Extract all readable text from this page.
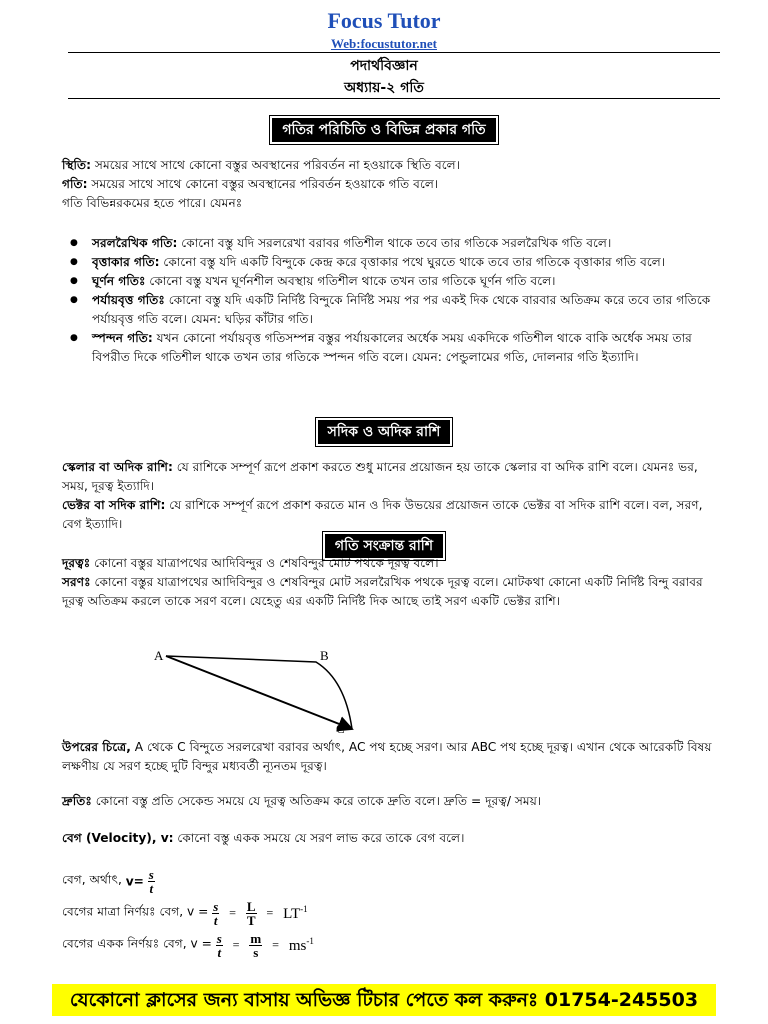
Focus Tutor
Web:focustutor.net
পদার্থবিজ্ঞান
অধ্যায়-২ গতি
গতির পরিচিতি ও বিভিন্ন প্রকার গতি
স্থিতি: সময়ের সাথে সাথে কোনো বস্তুর অবস্থানের পরিবর্তন না হওয়াকে স্থিতি বলে।
গতি: সময়ের সাথে সাথে কোনো বস্তুর অবস্থানের পরিবর্তন হওয়াকে গতি বলে।
গতি বিভিন্নরকমের হতে পারে। যেমনঃ
● সরলরৈখিক গতি: কোনো বস্তু যদি সরলরেখা বরাবর গতিশীল থাকে তবে তার গতিকে সরলরৈখিক গতি বলে।
● বৃত্তাকার গতি: কোনো বস্তু যদি একটি বিন্দুকে কেন্দ্র করে বৃত্তাকার পথে ঘুরতে থাকে তবে তার গতিকে বৃত্তাকার গতি বলে।
● ঘূর্ণন গতিঃ কোনো বস্তু যখন ঘূর্ণনশীল অবস্থায় গতিশীল থাকে তখন তার গতিকে ঘূর্ণন গতি বলে।
● পর্যায়বৃত্ত গতিঃ কোনো বস্তু যদি একটি নির্দিষ্ট বিন্দুকে নির্দিষ্ট সময় পর পর একই দিক থেকে বারবার অতিক্রম করে তবে তার গতিকে পর্যায়বৃত্ত গতি বলে। যেমন: ঘড়ির কাঁটার গতি।
● স্পন্দন গতি: যখন কোনো পর্যায়বৃত্ত গতিসম্পন্ন বস্তুর পর্যায়কালের অর্ধেক সময় একদিকে গতিশীল থাকে বাকি অর্ধেক সময় তার বিপরীত দিকে গতিশীল থাকে তখন তার গতিকে স্পন্দন গতি বলে। যেমন: পেন্ডুলামের গতি, দোলনার গতি ইত্যাদি।
সদিক ও অদিক রাশি
স্কেলার বা অদিক রাশি: যে রাশিকে সম্পূর্ণ রূপে প্রকাশ করতে শুধু মানের প্রয়োজন হয় তাকে স্কেলার বা অদিক রাশি বলে। যেমনঃ ভর, সময়, দূরত্ব ইত্যাদি।
ভেক্টর বা সদিক রাশি: যে রাশিকে সম্পূর্ণ রূপে প্রকাশ করতে মান ও দিক উভয়ের প্রয়োজন তাকে ভেক্টর বা সদিক রাশি বলে। বল, সরণ, বেগ ইত্যাদি।
গতি সংক্রান্ত রাশি
দূরত্বঃ কোনো বস্তুর যাত্রাপথের আদিবিন্দুর ও শেষবিন্দুর মোট পথকে দূরত্ব বলে।
সরণঃ কোনো বস্তুর যাত্রাপথের আদিবিন্দুর ও শেষবিন্দুর মোট সরলরৈখিক পথকে দূরত্ব বলে। মোটকথা কোনো একটি নির্দিষ্ট বিন্দু বরাবর দূরত্ব অতিক্রম করলে তাকে সরণ বলে। যেহেতু এর একটি নির্দিষ্ট দিক আছে তাই সরণ একটি ভেক্টর রাশি।
A	B
C
উপরের চিত্রে, A থেকে C বিন্দুতে সরলরেখা বরাবর অর্থাৎ, AC পথ হচ্ছে সরণ। আর ABC পথ হচ্ছে দূরত্ব। এখান থেকে আরেকটি বিষয় লক্ষণীয় যে সরণ হচ্ছে দুটি বিন্দুর মধ্যবর্তী ন্যূনতম দূরত্ব।
দ্রুতিঃ কোনো বস্তু প্রতি সেকেন্ড সময়ে যে দূরত্ব অতিক্রম করে তাকে দ্রুতি বলে। দ্রুতি = দূরত্ব/ সময়।
বেগ (Velocity), v: কোনো বস্তু একক সময়ে যে সরণ লাভ করে তাকে বেগ বলে।
বেগ, অর্থাৎ, $v= \frac{s}{t}$
বেগের মাত্রা নির্ণয়ঃ বেগ, $v = \frac{s}{t} = \frac{L}{T} = LT^{-1}$
বেগের একক নির্ণয়ঃ বেগ, $v = \frac{s}{t} = \frac{m}{s} = ms^{-1}$
যেকোনো ক্লাসের জন্য বাসায় অভিজ্ঞ টিচার পেতে কল করুনঃ 01754-245503
